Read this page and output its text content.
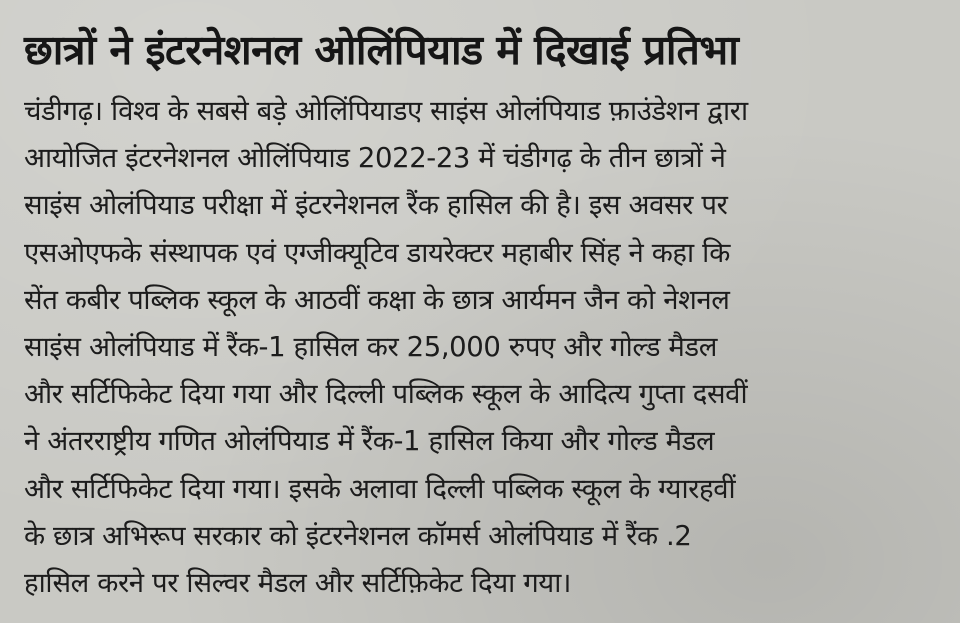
छात्रों ने इंटरनेशनल ओलिंपियाड में दिखाई प्रतिभा
चंडीगढ़। विश्व के सबसे बड़े ओलिंपियाडए साइंस ओलंपियाड फ़ाउंडेशन द्वारा
आयोजित इंटरनेशनल ओलिंपियाड 2022-23 में चंडीगढ़ के तीन छात्रों ने
साइंस ओलंपियाड परीक्षा में इंटरनेशनल रैंक हासिल की है। इस अवसर पर
एसओएफके संस्थापक एवं एग्जीक्यूटिव डायरेक्टर महाबीर सिंह ने कहा कि
सेंत कबीर पब्लिक स्कूल के आठवीं कक्षा के छात्र आर्यमन जैन को नेशनल
साइंस ओलंपियाड में रैंक-1 हासिल कर 25,000 रुपए और गोल्ड मैडल
और सर्टिफिकेट दिया गया और दिल्ली पब्लिक स्कूल के आदित्य गुप्ता दसवीं
ने अंतरराष्ट्रीय गणित ओलंपियाड में रैंक-1 हासिल किया और गोल्ड मैडल
और सर्टिफिकेट दिया गया। इसके अलावा दिल्ली पब्लिक स्कूल के ग्यारहवीं
के छात्र अभिरूप सरकार को इंटरनेशनल कॉमर्स ओलंपियाड में रैंक .2
हासिल करने पर सिल्वर मैडल और सर्टिफ़िकेट दिया गया।
